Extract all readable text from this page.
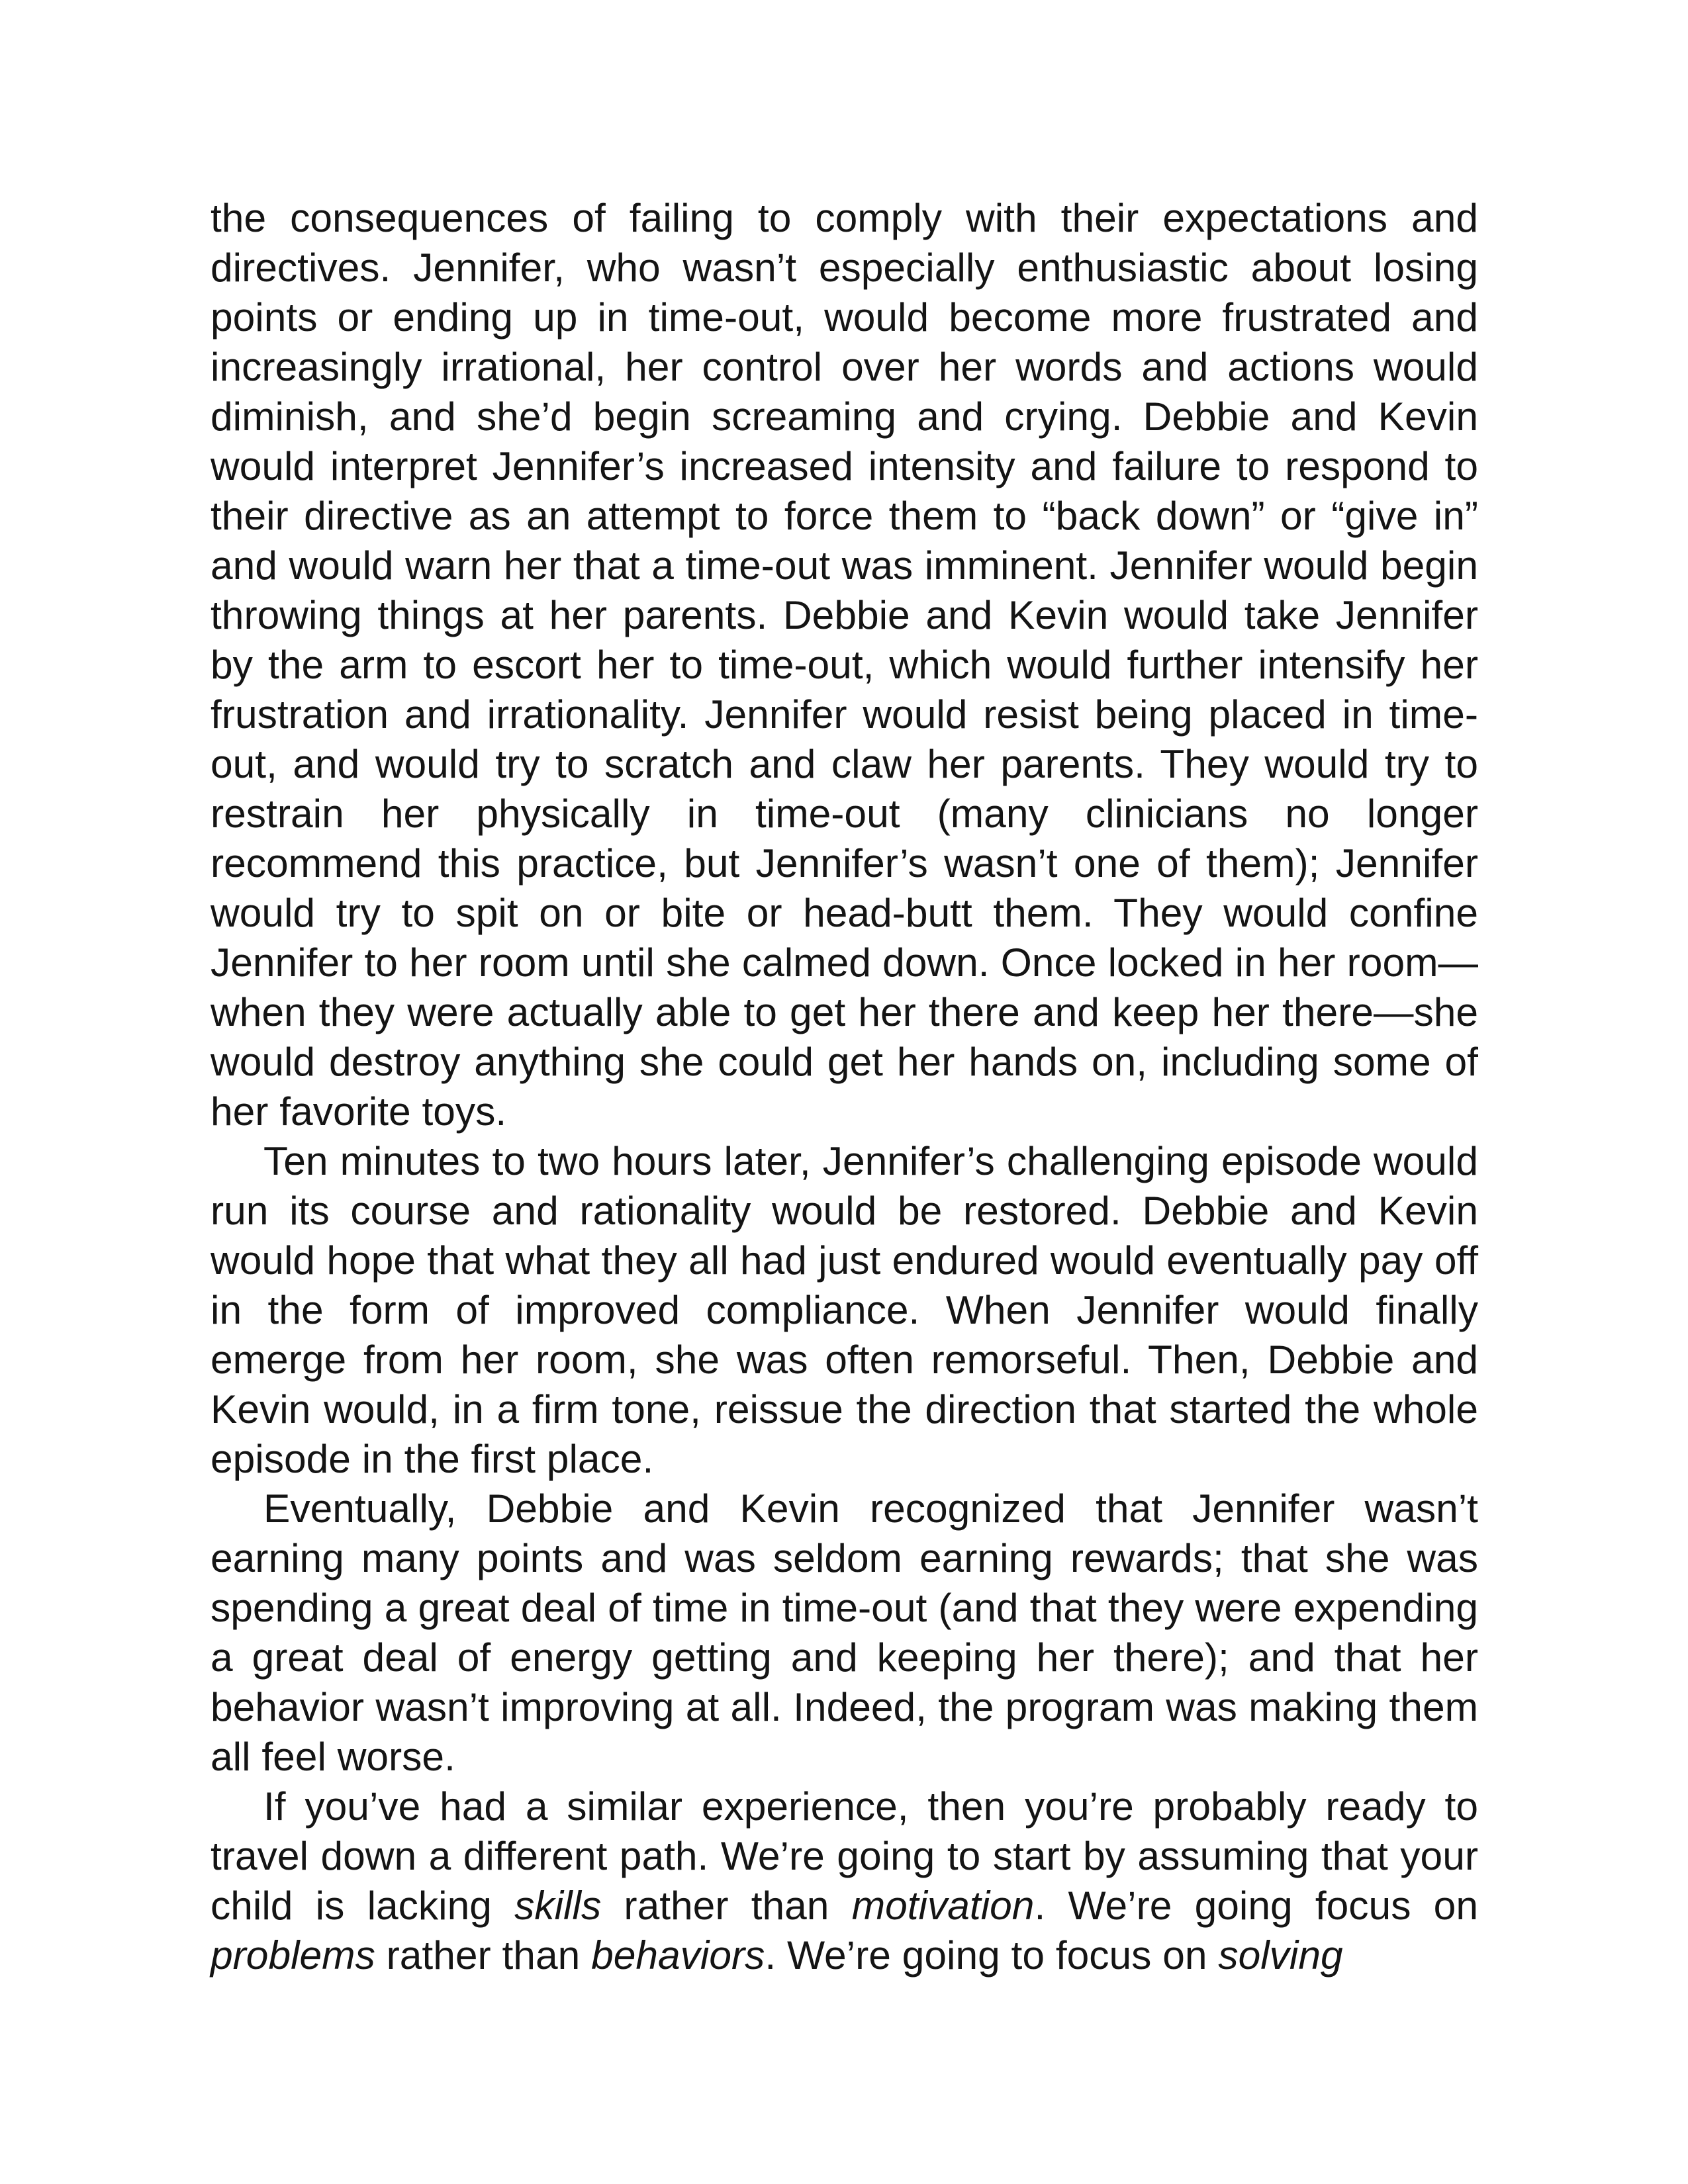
the consequences of failing to comply with their expectations and directives. Jennifer, who wasn’t especially enthusiastic about losing points or ending up in time-out, would become more frustrated and increasingly irrational, her control over her words and actions would diminish, and she’d begin screaming and crying. Debbie and Kevin would interpret Jennifer’s increased intensity and failure to respond to their directive as an attempt to force them to “back down” or “give in” and would warn her that a time-out was imminent. Jennifer would begin throwing things at her parents. Debbie and Kevin would take Jennifer by the arm to escort her to time-out, which would further intensify her frustration and irrationality. Jennifer would resist being placed in time-out, and would try to scratch and claw her parents. They would try to restrain her physically in time-out (many clinicians no longer recommend this practice, but Jennifer’s wasn’t one of them); Jennifer would try to spit on or bite or head-butt them. They would confine Jennifer to her room until she calmed down. Once locked in her room—when they were actually able to get her there and keep her there—she would destroy anything she could get her hands on, including some of her favorite toys.

Ten minutes to two hours later, Jennifer’s challenging episode would run its course and rationality would be restored. Debbie and Kevin would hope that what they all had just endured would eventually pay off in the form of improved compliance. When Jennifer would finally emerge from her room, she was often remorseful. Then, Debbie and Kevin would, in a firm tone, reissue the direction that started the whole episode in the first place.

Eventually, Debbie and Kevin recognized that Jennifer wasn’t earning many points and was seldom earning rewards; that she was spending a great deal of time in time-out (and that they were expending a great deal of energy getting and keeping her there); and that her behavior wasn’t improving at all. Indeed, the program was making them all feel worse.

If you’ve had a similar experience, then you’re probably ready to travel down a different path. We’re going to start by assuming that your child is lacking skills rather than motivation. We’re going focus on problems rather than behaviors. We’re going to focus on solving
